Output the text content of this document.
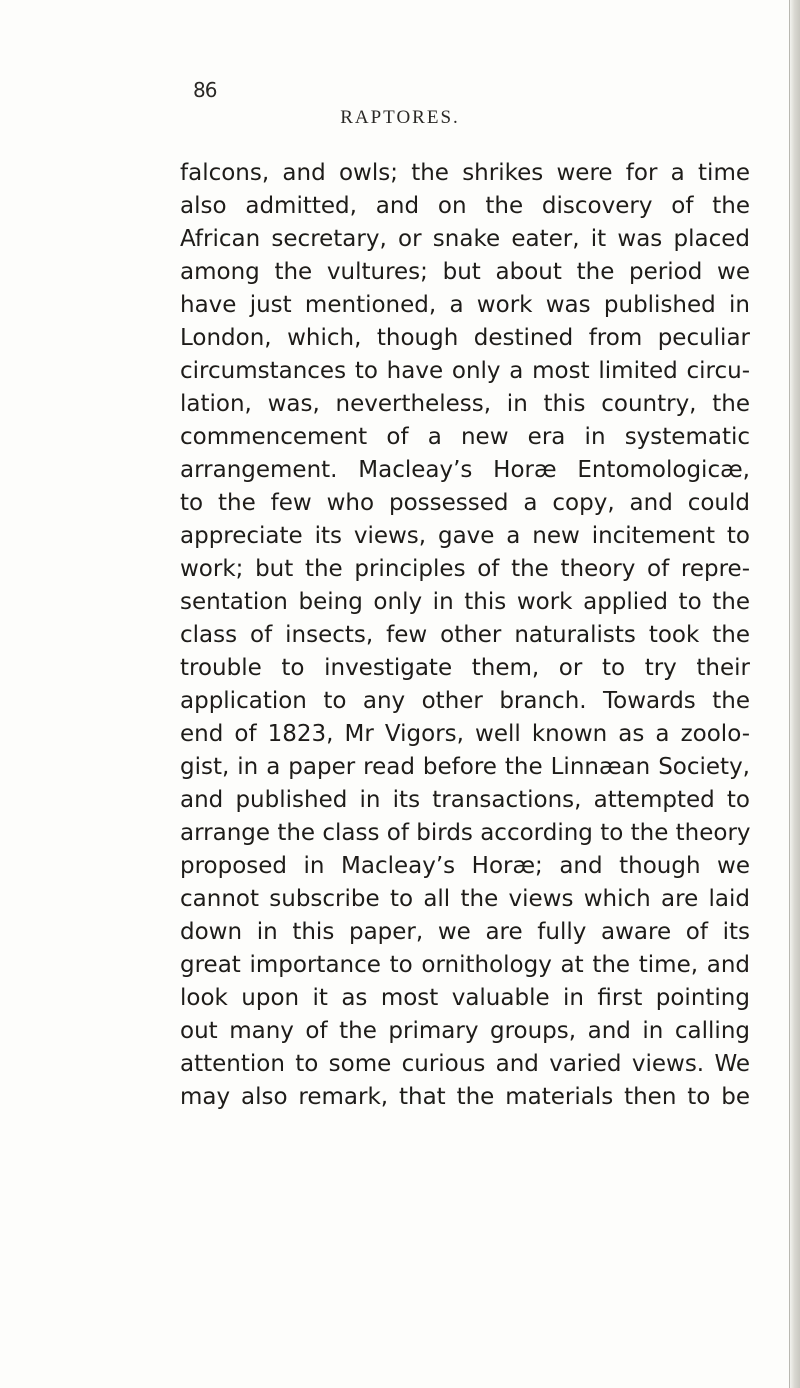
86
RAPTORES.
falcons, and owls; the shrikes were for a time
also admitted, and on the discovery of the
African secretary, or snake eater, it was placed
among the vultures; but about the period we
have just mentioned, a work was published in
London, which, though destined from peculiar
circumstances to have only a most limited circu-
lation, was, nevertheless, in this country, the
commencement of a new era in systematic
arrangement. Macleay’s Horæ Entomologicæ,
to the few who possessed a copy, and could
appreciate its views, gave a new incitement to
work; but the principles of the theory of repre-
sentation being only in this work applied to the
class of insects, few other naturalists took the
trouble to investigate them, or to try their
application to any other branch. Towards the
end of 1823, Mr Vigors, well known as a zoolo-
gist, in a paper read before the Linnæan Society,
and published in its transactions, attempted to
arrange the class of birds according to the theory
proposed in Macleay’s Horæ; and though we
cannot subscribe to all the views which are laid
down in this paper, we are fully aware of its
great importance to ornithology at the time, and
look upon it as most valuable in first pointing
out many of the primary groups, and in calling
attention to some curious and varied views. We
may also remark, that the materials then to be
